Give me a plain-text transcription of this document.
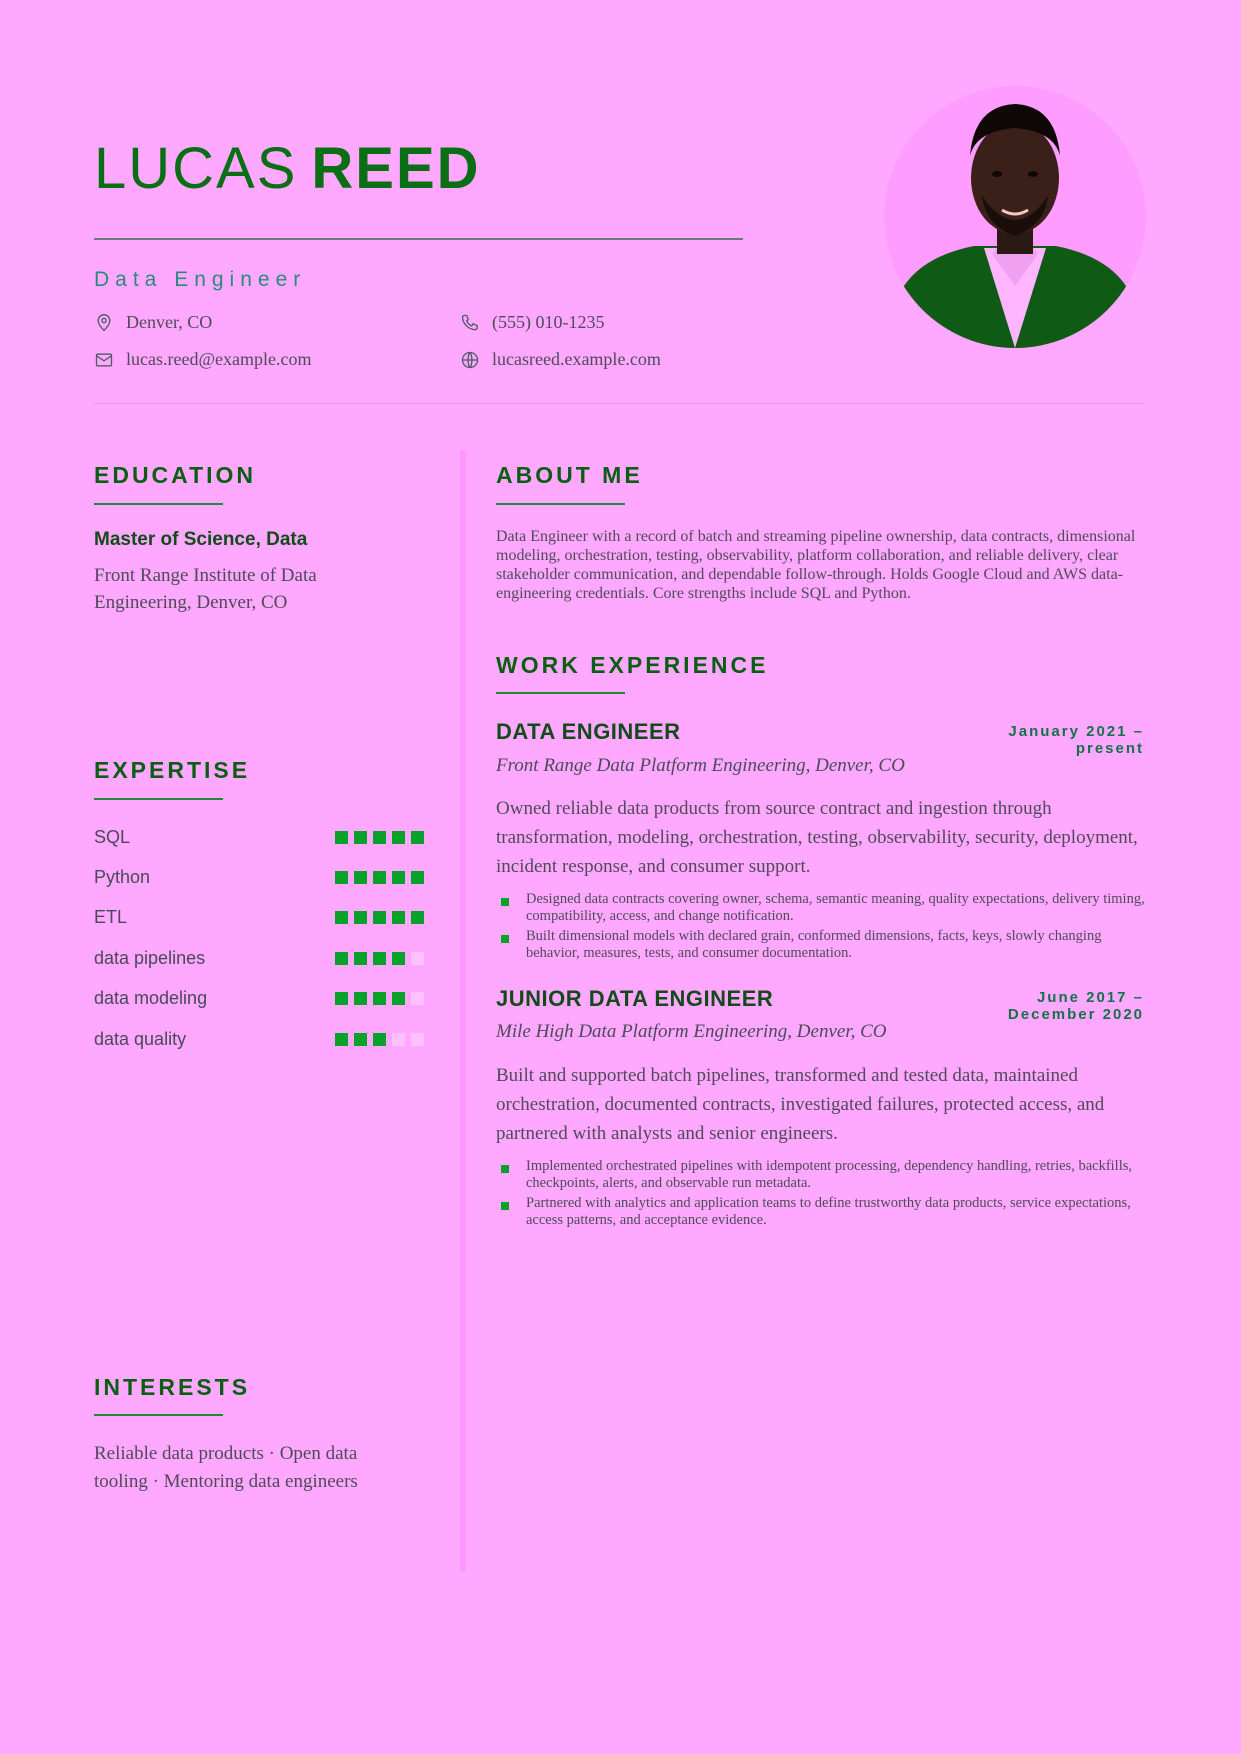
LUCAS REED
Data Engineer
Denver, CO	(555) 010-1235
lucas.reed@example.com	lucasreed.example.com
EDUCATION
Master of Science, Data
Front Range Institute of Data Engineering, Denver, CO
EXPERTISE
SQL
Python
ETL
data pipelines
data modeling
data quality
INTERESTS
Reliable data products · Open data tooling · Mentoring data engineers
ABOUT ME
Data Engineer with a record of batch and streaming pipeline ownership, data contracts, dimensional modeling, orchestration, testing, observability, platform collaboration, and reliable delivery, clear stakeholder communication, and dependable follow-through. Holds Google Cloud and AWS data-engineering credentials. Core strengths include SQL and Python.
WORK EXPERIENCE
DATA ENGINEER	January 2021 – present
Front Range Data Platform Engineering, Denver, CO
Owned reliable data products from source contract and ingestion through transformation, modeling, orchestration, testing, observability, security, deployment, incident response, and consumer support.
Designed data contracts covering owner, schema, semantic meaning, quality expectations, delivery timing, compatibility, access, and change notification.
Built dimensional models with declared grain, conformed dimensions, facts, keys, slowly changing behavior, measures, tests, and consumer documentation.
JUNIOR DATA ENGINEER	June 2017 – December 2020
Mile High Data Platform Engineering, Denver, CO
Built and supported batch pipelines, transformed and tested data, maintained orchestration, documented contracts, investigated failures, protected access, and partnered with analysts and senior engineers.
Implemented orchestrated pipelines with idempotent processing, dependency handling, retries, backfills, checkpoints, alerts, and observable run metadata.
Partnered with analytics and application teams to define trustworthy data products, service expectations, access patterns, and acceptance evidence.
